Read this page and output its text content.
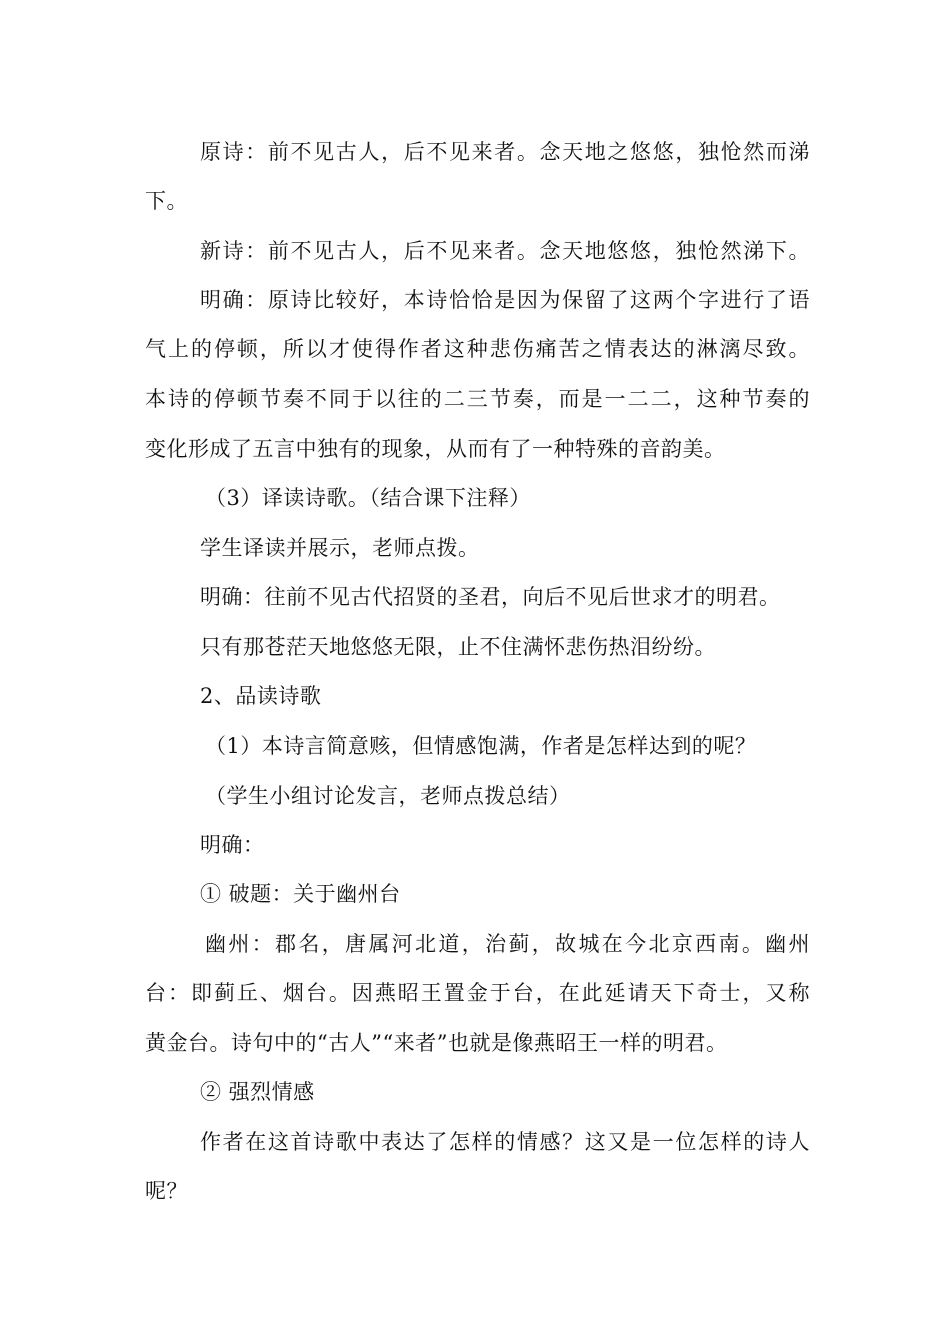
原诗：前不见古人，后不见来者。念天地之悠悠，独怆然而涕
下。
新诗：前不见古人，后不见来者。念天地悠悠，独怆然涕下。
明确：原诗比较好，本诗恰恰是因为保留了这两个字进行了语
气上的停顿，所以才使得作者这种悲伤痛苦之情表达的淋漓尽致。
本诗的停顿节奏不同于以往的二三节奏，而是一二二，这种节奏的
变化形成了五言中独有的现象，从而有了一种特殊的音韵美。
（3）译读诗歌。（结合课下注释）
学生译读并展示，老师点拨。
明确：往前不见古代招贤的圣君，向后不见后世求才的明君。
只有那苍茫天地悠悠无限，止不住满怀悲伤热泪纷纷。
2、品读诗歌
（1）本诗言简意赅，但情感饱满，作者是怎样达到的呢？
（学生小组讨论发言，老师点拨总结）
明确：
① 破题：关于幽州台
幽州：郡名，唐属河北道，治蓟，故城在今北京西南。幽州
台：即蓟丘、烟台。因燕昭王置金于台，在此延请天下奇士，又称
黄金台。诗句中的“古人”“来者”也就是像燕昭王一样的明君。
② 强烈情感
作者在这首诗歌中表达了怎样的情感？这又是一位怎样的诗人
呢？
